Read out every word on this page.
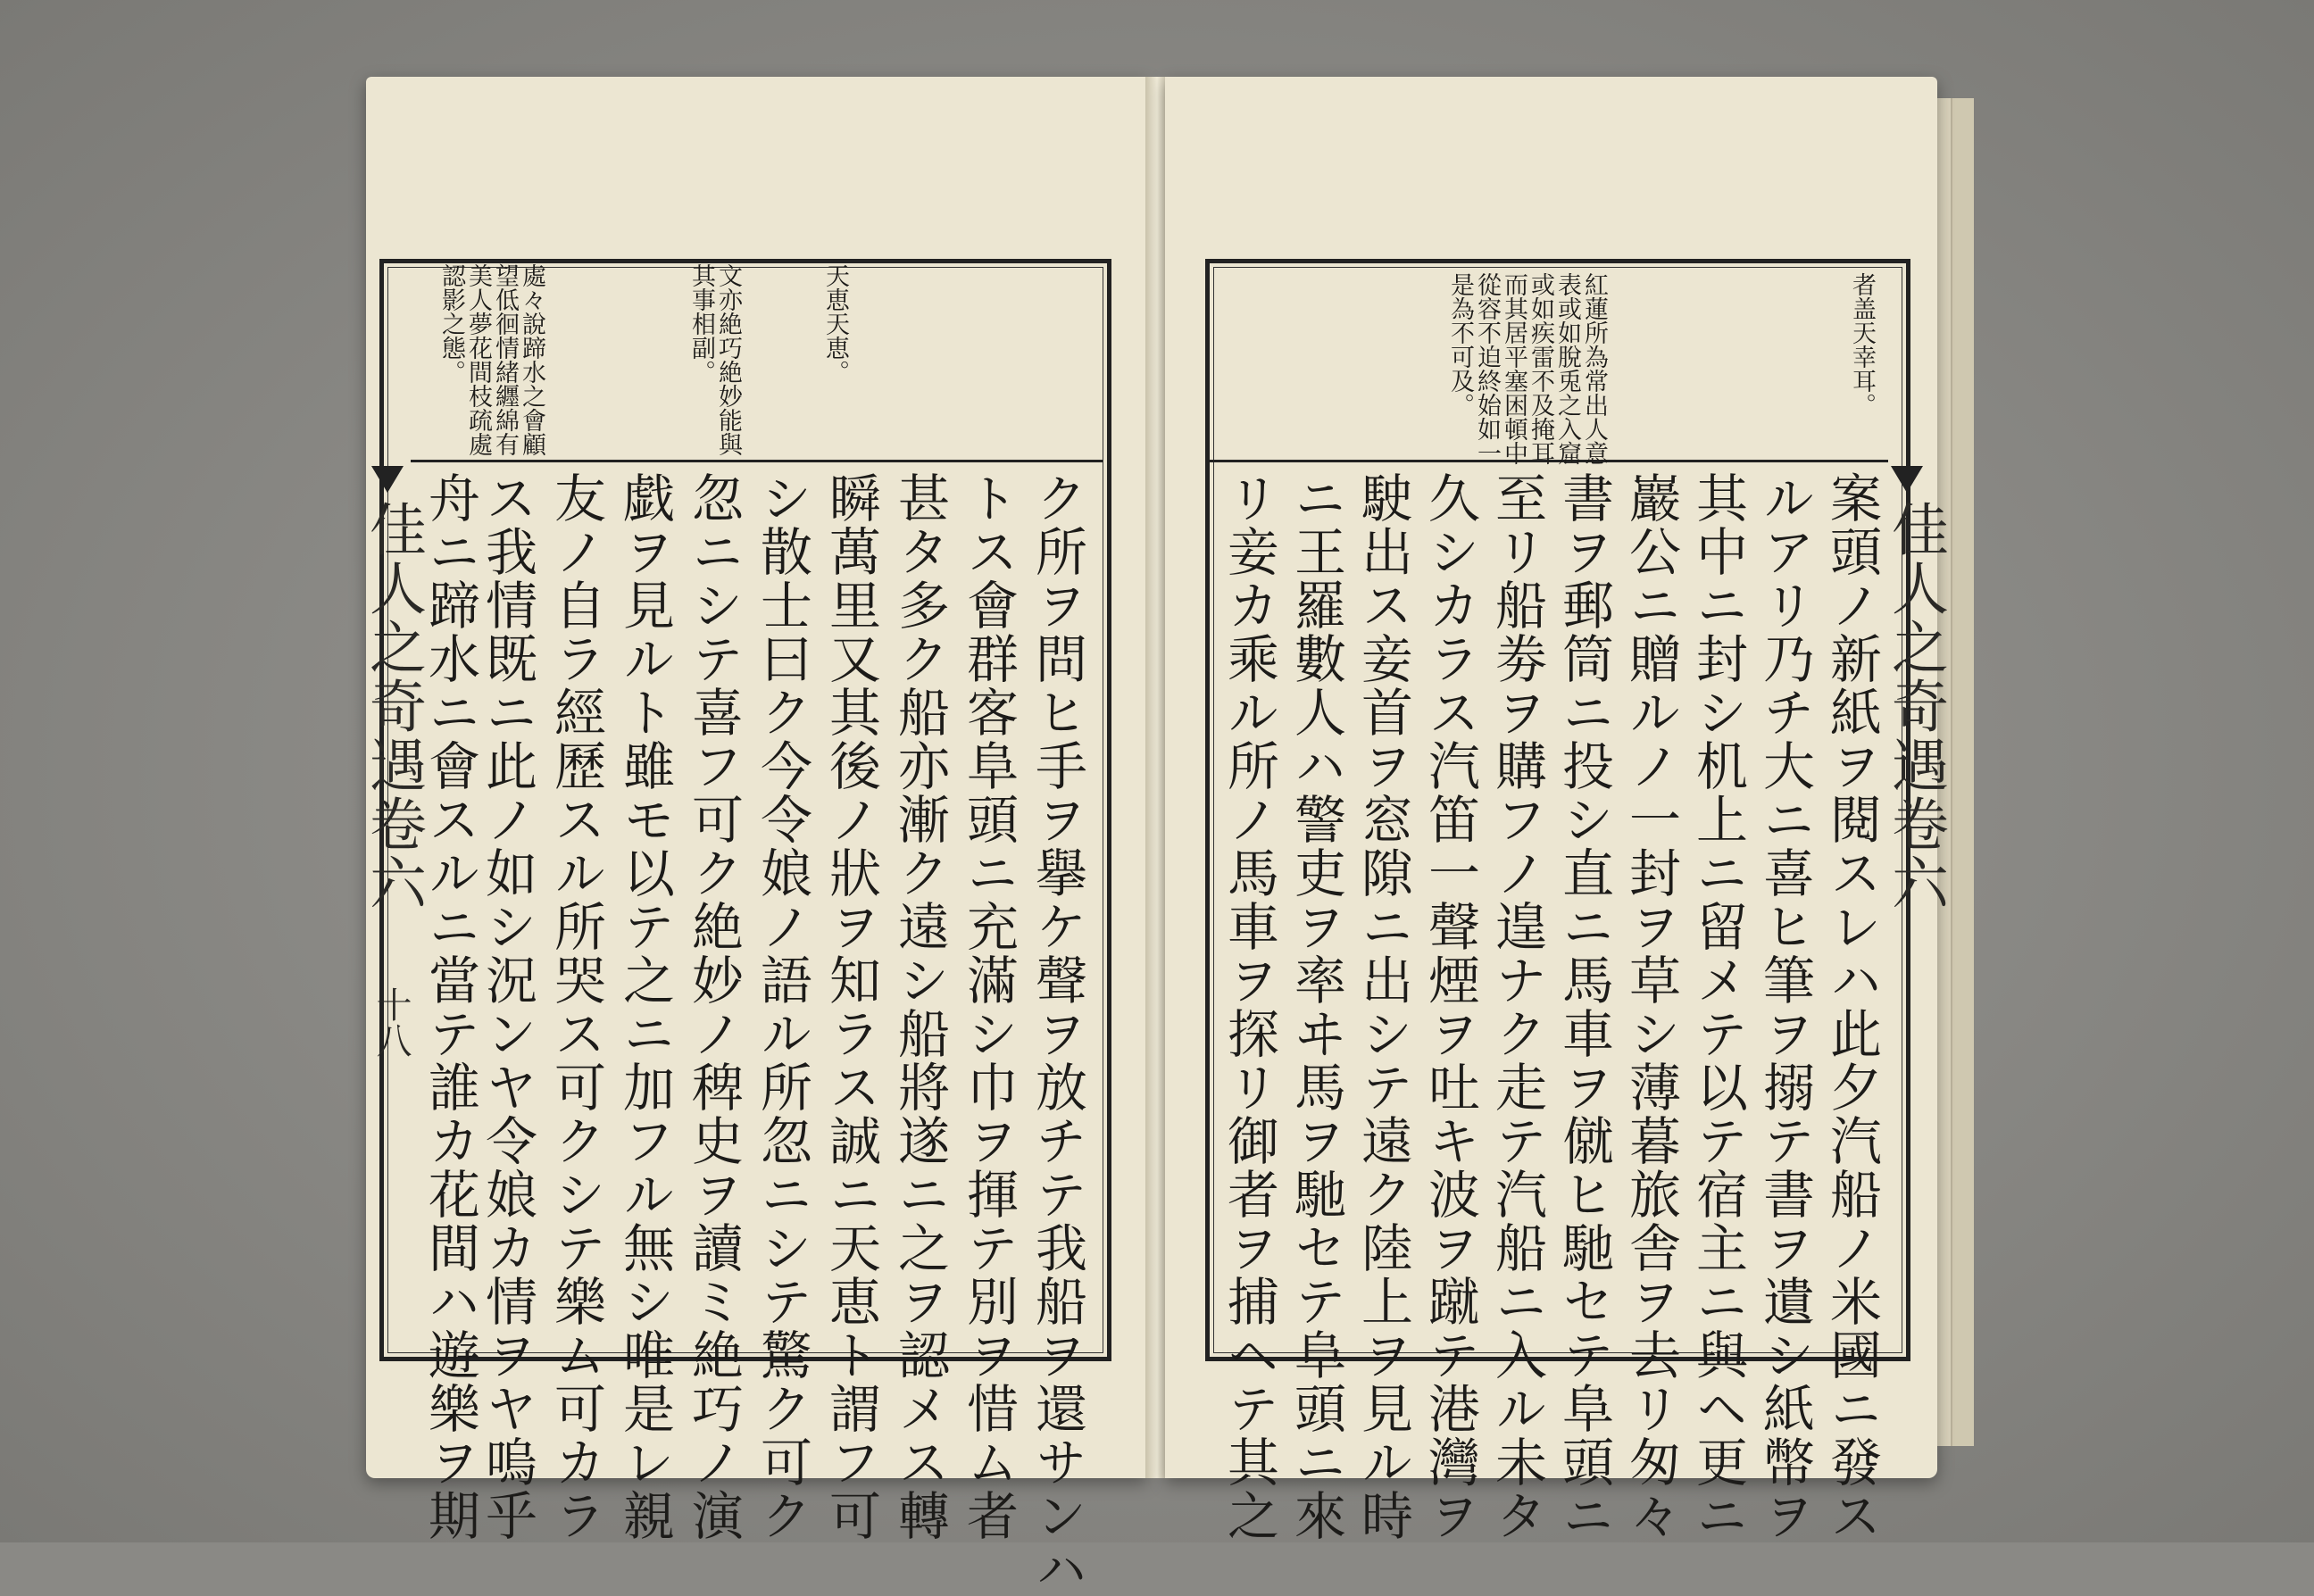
天恵天恵。
文亦絶巧絶妙能與
其事相副。
處々說蹄水之會顧
望低徊情緒纒綿有
美人夢花間枝疏處
認影之態。
ク所ヲ問ヒ手ヲ擧ケ聲ヲ放チテ我船ヲ還サンハ
トス會群客阜頭ニ充滿シ巾ヲ揮テ別ヲ惜ム者
甚タ多ク船亦漸ク遠シ船將遂ニ之ヲ認メス轉
瞬萬里又其後ノ狀ヲ知ラス誠ニ天恵ト謂フ可
シ散士曰ク今令娘ノ語ル所忽ニシテ驚ク可ク
忽ニシテ喜フ可ク絶妙ノ稗史ヲ讀ミ絶巧ノ演
戯ヲ見ルト雖モ以テ之ニ加フル無シ唯是レ親
友ノ自ラ經歷スル所哭ス可クシテ樂ム可カラ
ス我情既ニ此ノ如シ況ンヤ令娘カ情ヲヤ嗚乎
舟ニ蹄水ニ會スルニ當テ誰カ花間ハ遊樂ヲ期
佳人之奇遇卷六
十八
者盖天幸耳。
紅蓮所為常出人意
表或如脫兎之入窟
或如疾雷不及掩耳
而其居平塞困頓中
從容不迫終始如一
是為不可及。
案頭ノ新紙ヲ閱スレハ此夕汽船ノ米國ニ發ス
ルアリ乃チ大ニ喜ヒ筆ヲ搦テ書ヲ遺シ紙幣ヲ
其中ニ封シ机上ニ留メテ以テ宿主ニ與ヘ更ニ
巖公ニ贈ルノ一封ヲ草シ薄暮旅舎ヲ去リ匆々
書ヲ郵筒ニ投シ直ニ馬車ヲ僦ヒ馳セテ阜頭ニ
至リ船劵ヲ購フノ遑ナク走テ汽船ニ入ル未タ
久シカラス汽笛一聲煙ヲ吐キ波ヲ蹴テ港灣ヲ
駛出ス妾首ヲ窓隙ニ出シテ遠ク陸上ヲ見ル時
ニ王羅數人ハ警吏ヲ率ヰ馬ヲ馳セテ阜頭ニ來
リ妾カ乘ル所ノ馬車ヲ探リ御者ヲ捕ヘテ其之	佳人之奇遇卷六
